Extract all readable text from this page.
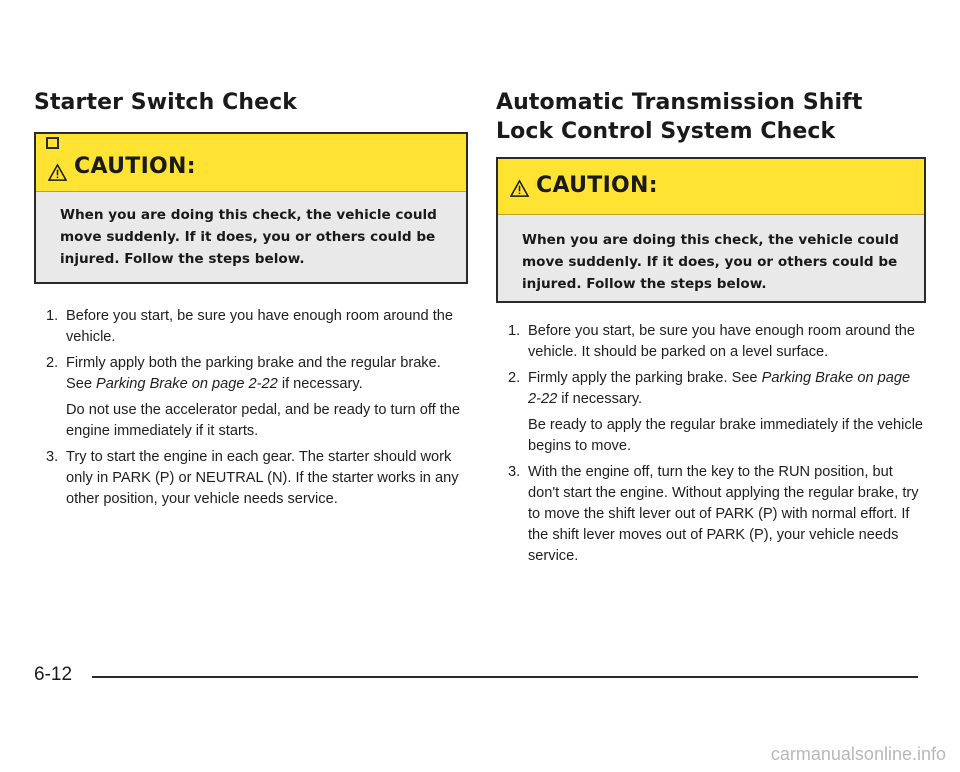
Starter Switch Check
CAUTION:
When you are doing this check, the vehicle could move suddenly. If it does, you or others could be injured. Follow the steps below.
1. Before you start, be sure you have enough room around the vehicle.
2. Firmly apply both the parking brake and the regular brake. See Parking Brake on page 2-22 if necessary.
Do not use the accelerator pedal, and be ready to turn off the engine immediately if it starts.
3. Try to start the engine in each gear. The starter should work only in PARK (P) or NEUTRAL (N). If the starter works in any other position, your vehicle needs service.
Automatic Transmission Shift Lock Control System Check
CAUTION:
When you are doing this check, the vehicle could move suddenly. If it does, you or others could be injured. Follow the steps below.
1. Before you start, be sure you have enough room around the vehicle. It should be parked on a level surface.
2. Firmly apply the parking brake. See Parking Brake on page 2-22 if necessary.
Be ready to apply the regular brake immediately if the vehicle begins to move.
3. With the engine off, turn the key to the RUN position, but don't start the engine. Without applying the regular brake, try to move the shift lever out of PARK (P) with normal effort. If the shift lever moves out of PARK (P), your vehicle needs service.
6-12
carmanualsonline.info
